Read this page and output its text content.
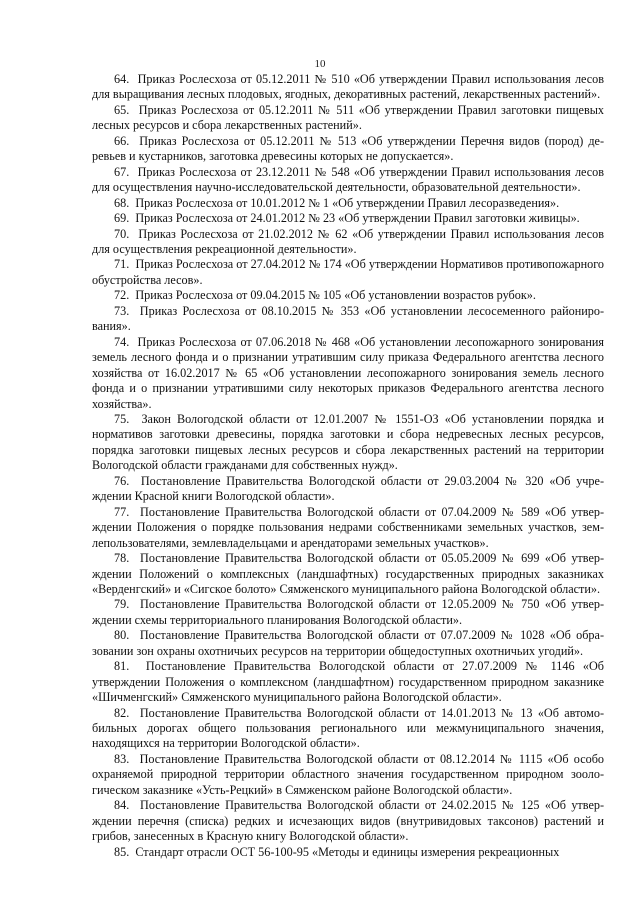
10

64. Приказ Рослесхоза от 05.12.2011 № 510 «Об утверждении Правил использования лесов для выращивания лесных плодовых, ягодных, декоративных растений, лекарственных растений».

65. Приказ Рослесхоза от 05.12.2011 № 511 «Об утверждении Правил заготовки пищевых лесных ресурсов и сбора лекарственных растений».

66. Приказ Рослесхоза от 05.12.2011 № 513 «Об утверждении Перечня видов (пород) деревьев и кустарников, заготовка древесины которых не допускается».

67. Приказ Рослесхоза от 23.12.2011 № 548 «Об утверждении Правил использования лесов для осуществления научно-исследовательской деятельности, образовательной деятельности».

68. Приказ Рослесхоза от 10.01.2012 № 1 «Об утверждении Правил лесоразведения».

69. Приказ Рослесхоза от 24.01.2012 № 23 «Об утверждении Правил заготовки живицы».

70. Приказ Рослесхоза от 21.02.2012 № 62 «Об утверждении Правил использования лесов для осуществления рекреационной деятельности».

71. Приказ Рослесхоза от 27.04.2012 № 174 «Об утверждении Нормативов противопожарного обустройства лесов».

72. Приказ Рослесхоза от 09.04.2015 № 105 «Об установлении возрастов рубок».

73. Приказ Рослесхоза от 08.10.2015 № 353 «Об установлении лесосеменного районирования».

74. Приказ Рослесхоза от 07.06.2018 № 468 «Об установлении лесопожарного зонирования земель лесного фонда и о признании утратившим силу приказа Федерального агентства лесного хозяйства от 16.02.2017 № 65 «Об установлении лесопожарного зонирования земель лесного фонда и о признании утратившими силу некоторых приказов Федерального агентства лесного хозяйства».

75. Закон Вологодской области от 12.01.2007 № 1551-ОЗ «Об установлении порядка и нормативов заготовки древесины, порядка заготовки и сбора недревесных лесных ресурсов, порядка заготовки пищевых лесных ресурсов и сбора лекарственных растений на территории Вологодской области гражданами для собственных нужд».

76. Постановление Правительства Вологодской области от 29.03.2004 № 320 «Об учреждении Красной книги Вологодской области».

77. Постановление Правительства Вологодской области от 07.04.2009 № 589 «Об утверждении Положения о порядке пользования недрами собственниками земельных участков, землепользователями, землевладельцами и арендаторами земельных участков».

78. Постановление Правительства Вологодской области от 05.05.2009 № 699 «Об утверждении Положений о комплексных (ландшафтных) государственных природных заказниках «Верденгский» и «Сигское болото» Сямженского муниципального района Вологодской области».

79. Постановление Правительства Вологодской области от 12.05.2009 № 750 «Об утверждении схемы территориального планирования Вологодской области».

80. Постановление Правительства Вологодской области от 07.07.2009 № 1028 «Об образовании зон охраны охотничьих ресурсов на территории общедоступных охотничьих угодий».

81. Постановление Правительства Вологодской области от 27.07.2009 № 1146 «Об утверждении Положения о комплексном (ландшафтном) государственном природном заказнике «Шичменгский» Сямженского муниципального района Вологодской области».

82. Постановление Правительства Вологодской области от 14.01.2013 № 13 «Об автомобильных дорогах общего пользования регионального или межмуниципального значения, находящихся на территории Вологодской области».

83. Постановление Правительства Вологодской области от 08.12.2014 № 1115 «Об особо охраняемой природной территории областного значения государственном природном зоологическом заказнике «Усть-Рецкий» в Сямженском районе Вологодской области».

84. Постановление Правительства Вологодской области от 24.02.2015 № 125 «Об утверждении перечня (списка) редких и исчезающих видов (внутривидовых таксонов) растений и грибов, занесенных в Красную книгу Вологодской области».

85. Стандарт отрасли ОСТ 56-100-95 «Методы и единицы измерения рекреационных
